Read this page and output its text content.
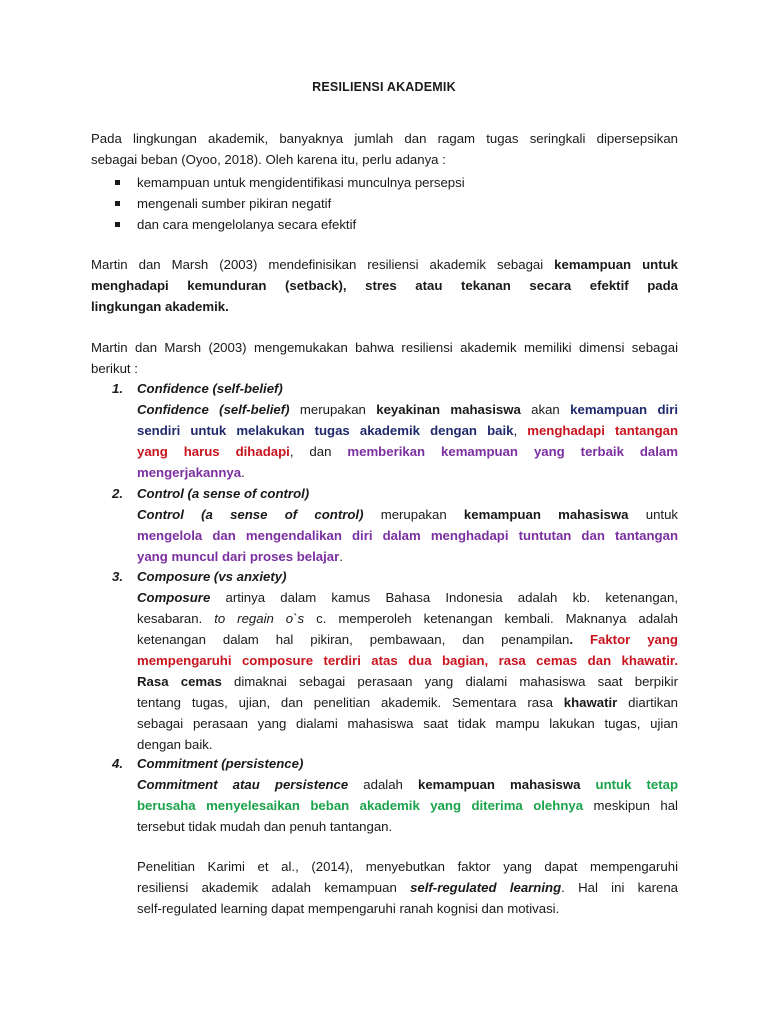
RESILIENSI AKADEMIK
Pada lingkungan akademik, banyaknya jumlah dan ragam tugas seringkali dipersepsikan
sebagai beban (Oyoo, 2018). Oleh karena itu, perlu adanya :
kemampuan untuk mengidentifikasi munculnya persepsi
mengenali sumber pikiran negatif
dan cara mengelolanya secara efektif
Martin dan Marsh (2003) mendefinisikan resiliensi akademik sebagai kemampuan untuk
menghadapi kemunduran (setback), stres atau tekanan secara efektif pada
lingkungan akademik.
Martin dan Marsh (2003) mengemukakan bahwa resiliensi akademik memiliki dimensi sebagai
berikut :
1. Confidence (self-belief)
Confidence (self-belief) merupakan keyakinan mahasiswa akan kemampuan diri
sendiri untuk melakukan tugas akademik dengan baik, menghadapi tantangan
yang harus dihadapi, dan memberikan kemampuan yang terbaik dalam
mengerjakannya.
2. Control (a sense of control)
Control (a sense of control) merupakan kemampuan mahasiswa untuk
mengelola dan mengendalikan diri dalam menghadapi tuntutan dan tantangan
yang muncul dari proses belajar.
3. Composure (vs anxiety)
Composure artinya dalam kamus Bahasa Indonesia adalah kb. ketenangan,
kesabaran. to regain o`s c. memperoleh ketenangan kembali. Maknanya adalah
ketenangan dalam hal pikiran, pembawaan, dan penampilan. Faktor yang
mempengaruhi composure terdiri atas dua bagian, rasa cemas dan khawatir.
Rasa cemas dimaknai sebagai perasaan yang dialami mahasiswa saat berpikir
tentang tugas, ujian, dan penelitian akademik. Sementara rasa khawatir diartikan
sebagai perasaan yang dialami mahasiswa saat tidak mampu lakukan tugas, ujian
dengan baik.
4. Commitment (persistence)
Commitment atau persistence adalah kemampuan mahasiswa untuk tetap
berusaha menyelesaikan beban akademik yang diterima olehnya meskipun hal
tersebut tidak mudah dan penuh tantangan.
Penelitian Karimi et al., (2014), menyebutkan faktor yang dapat mempengaruhi
resiliensi akademik adalah kemampuan self-regulated learning. Hal ini karena
self-regulated learning dapat mempengaruhi ranah kognisi dan motivasi.
